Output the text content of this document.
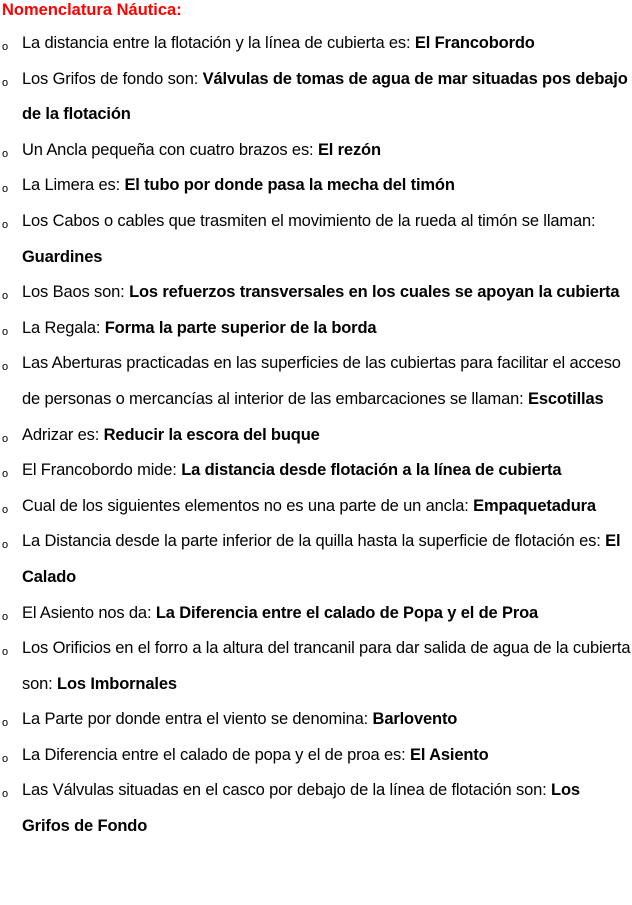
Nomenclatura Náutica:
o La distancia entre la flotación y la línea de cubierta es: El Francobordo
o Los Grifos de fondo son: Válvulas de tomas de agua de mar situadas pos debajo de la flotación
o Un Ancla pequeña con cuatro brazos es: El rezón
o La Limera es: El tubo por donde pasa la mecha del timón
o Los Cabos o cables que trasmiten el movimiento de la rueda al timón se llaman: Guardines
o Los Baos son: Los refuerzos transversales en los cuales se apoyan la cubierta
o La Regala: Forma la parte superior de la borda
o Las Aberturas practicadas en las superficies de las cubiertas para facilitar el acceso de personas o mercancías al interior de las embarcaciones se llaman: Escotillas
o Adrizar es: Reducir la escora del buque
o El Francobordo mide: La distancia desde flotación a la línea de cubierta
o Cual de los siguientes elementos no es una parte de un ancla: Empaquetadura
o La Distancia desde la parte inferior de la quilla hasta la superficie de flotación es: El Calado
o El Asiento nos da: La Diferencia entre el calado de Popa y el de Proa
o Los Orificios en el forro a la altura del trancanil para dar salida de agua de la cubierta son: Los Imbornales
o La Parte por donde entra el viento se denomina: Barlovento
o La Diferencia entre el calado de popa y el de proa es: El Asiento
o Las Válvulas situadas en el casco por debajo de la línea de flotación son: Los Grifos de Fondo
